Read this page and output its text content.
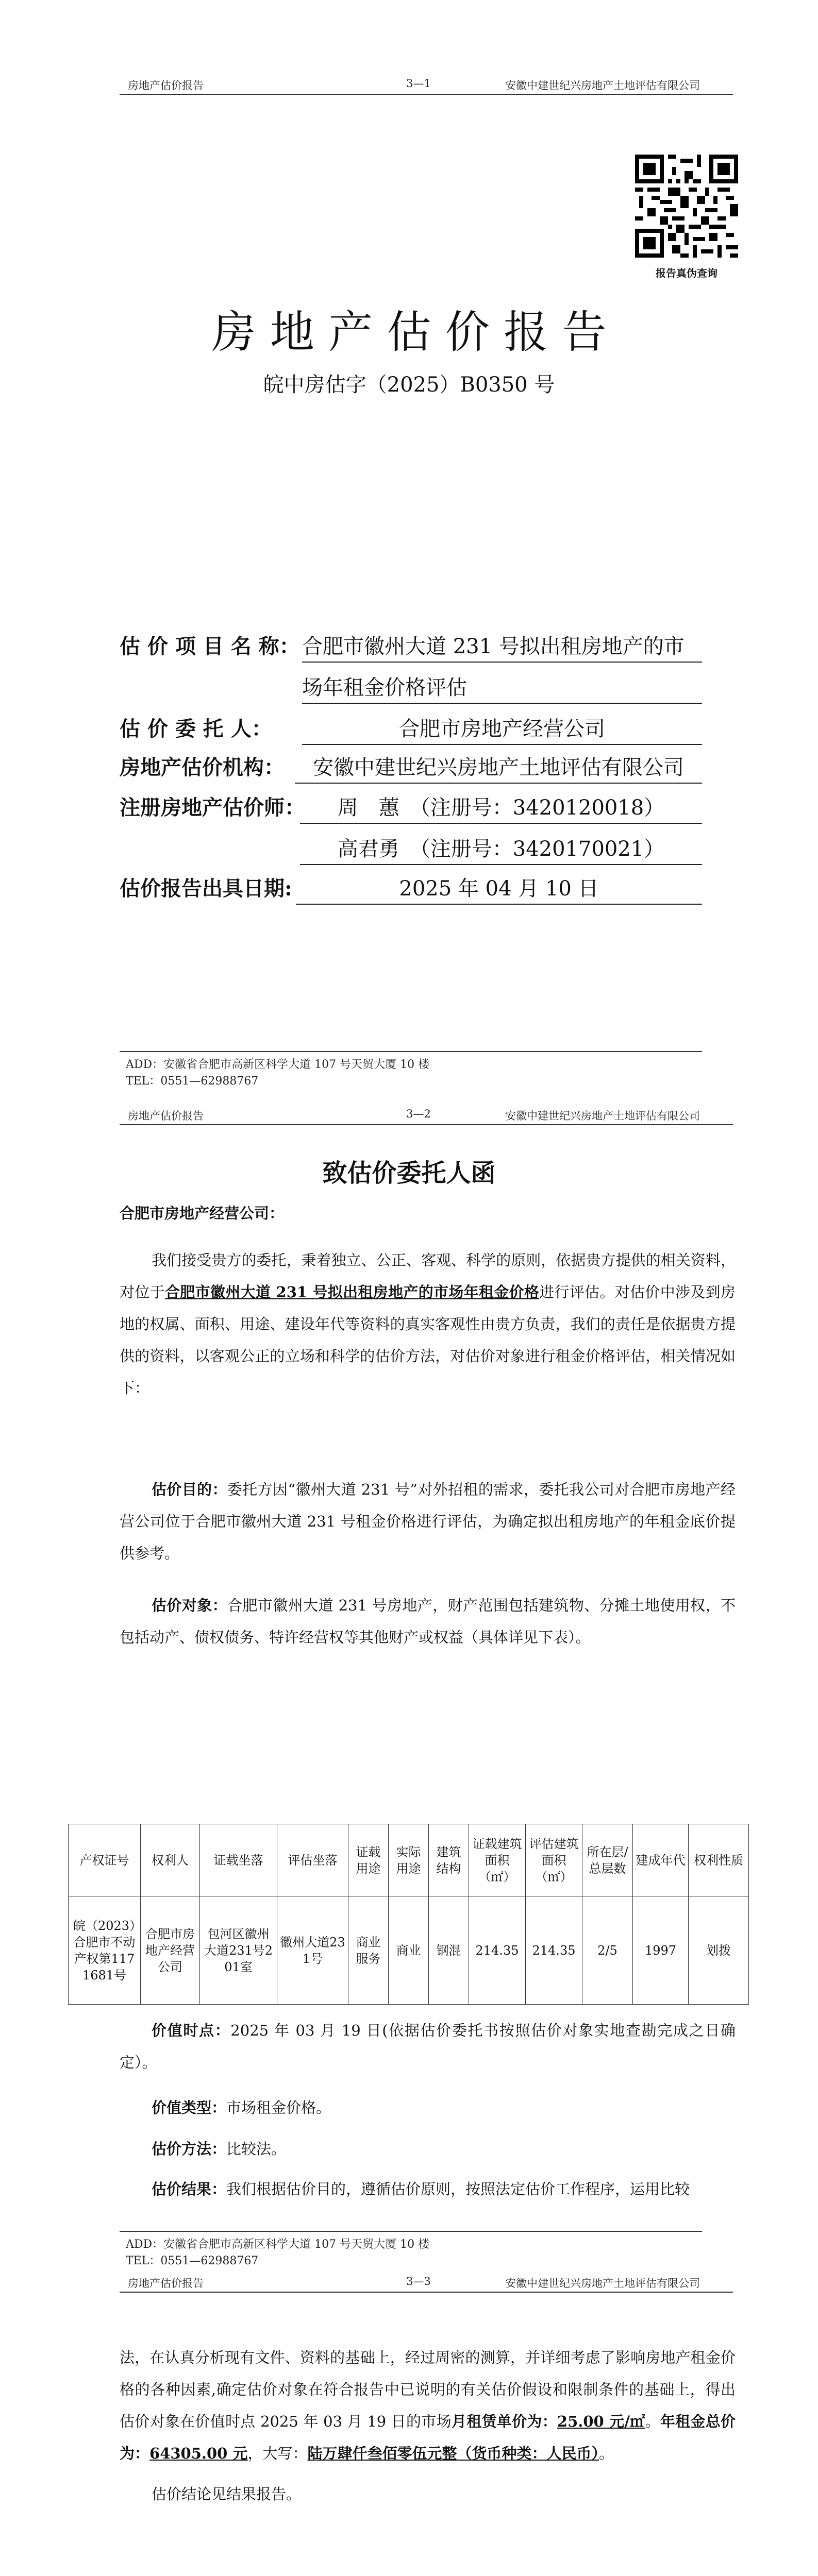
房地产估价报告	3—1	安徽中建世纪兴房地产土地评估有限公司
报告真伪查询
房 地 产 估 价 报 告
皖中房估字（2025）B0350 号
估 价 项 目 名 称： 合肥市徽州大道 231 号拟出租房地产的市
场年租金价格评估
估 价 委 托 人：	合肥市房地产经营公司
房地产估价机构：	安徽中建世纪兴房地产土地评估有限公司
注册房地产估价师：	周　蕙　（注册号：3420120018）
高君勇　（注册号：3420170021）
估价报告出具日期:	2025 年 04 月 10 日
ADD：安徽省合肥市高新区科学大道 107 号天贸大厦 10 楼
TEL：0551—62988767
房地产估价报告	3—2	安徽中建世纪兴房地产土地评估有限公司
致估价委托人函
合肥市房地产经营公司：
我们接受贵方的委托，秉着独立、公正、客观、科学的原则，依据贵方提供的相关资料，对位于合肥市徽州大道 231 号拟出租房地产的市场年租金价格进行评估。对估价中涉及到房地的权属、面积、用途、建设年代等资料的真实客观性由贵方负责，我们的责任是依据贵方提供的资料，以客观公正的立场和科学的估价方法，对估价对象进行租金价格评估，相关情况如下：
估价目的：委托方因“徽州大道 231 号”对外招租的需求，委托我公司对合肥市房地产经营公司位于合肥市徽州大道 231 号租金价格进行评估，为确定拟出租房地产的年租金底价提供参考。
估价对象：合肥市徽州大道 231 号房地产，财产范围包括建筑物、分摊土地使用权，不包括动产、债权债务、特许经营权等其他财产或权益（具体详见下表）。
产权证号	权利人	证载坐落	评估坐落	证载用途	实际用途	建筑结构	证载建筑面积（㎡）	评估建筑面积（㎡）	所在层/总层数	建成年代	权利性质
皖（2023）合肥市不动产权第1171681号	合肥市房地产经营公司	包河区徽州大道231号201室	徽州大道231号	商业服务	商业	钢混	214.35	214.35	2/5	1997	划拨
价值时点：2025 年 03 月 19 日(依据估价委托书按照估价对象实地查勘完成之日确定）。
价值类型：市场租金价格。
估价方法：比较法。
估价结果：我们根据估价目的，遵循估价原则，按照法定估价工作程序，运用比较
ADD：安徽省合肥市高新区科学大道 107 号天贸大厦 10 楼
TEL：0551—62988767
房地产估价报告	3—3	安徽中建世纪兴房地产土地评估有限公司
法，在认真分析现有文件、资料的基础上，经过周密的测算，并详细考虑了影响房地产租金价格的各种因素,确定估价对象在符合报告中已说明的有关估价假设和限制条件的基础上，得出估价对象在价值时点 2025 年 03 月 19 日的市场月租赁单价为：25.00 元/㎡。年租金总价为：64305.00 元，大写：陆万肆仟叁佰零伍元整（货币种类：人民币）。
估价结论见结果报告。
